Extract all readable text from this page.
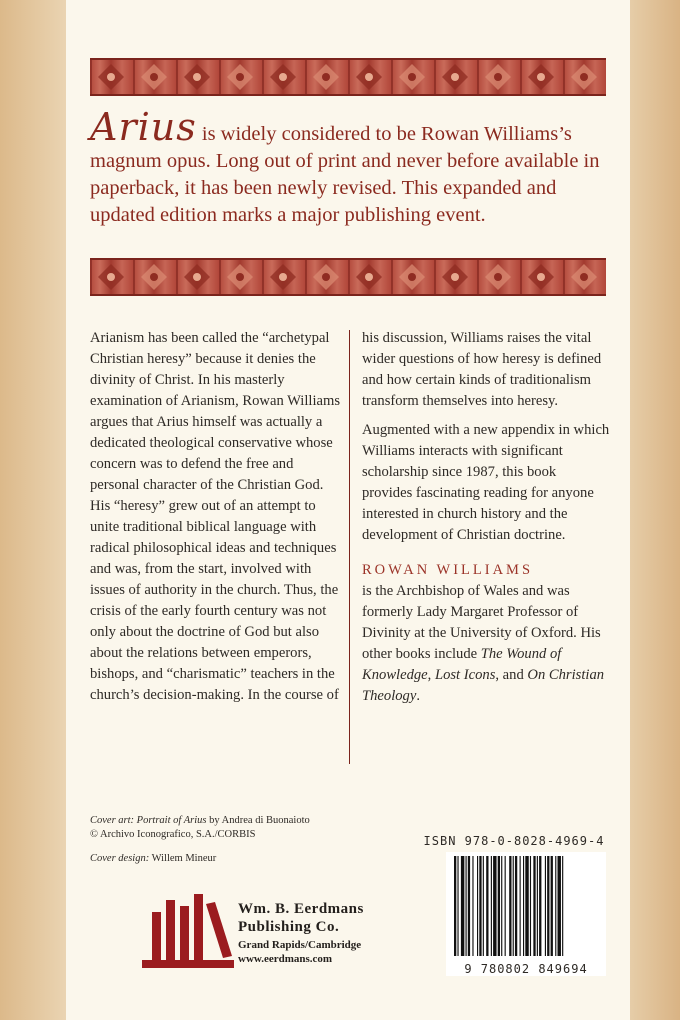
Arius is widely considered to be Rowan Williams’s magnum opus. Long out of print and never before available in paperback, it has been newly revised. This expanded and updated edition marks a major publishing event.

Arianism has been called the “archetypal Christian heresy” because it denies the divinity of Christ. In his masterly examination of Arianism, Rowan Williams argues that Arius himself was actually a dedicated theological conservative whose concern was to defend the free and personal character of the Christian God. His “heresy” grew out of an attempt to unite traditional biblical language with radical philosophical ideas and techniques and was, from the start, involved with issues of authority in the church. Thus, the crisis of the early fourth century was not only about the doctrine of God but also about the relations between emperors, bishops, and “charismatic” teachers in the church’s decision-making. In the course of

his discussion, Williams raises the vital wider questions of how heresy is defined and how certain kinds of traditionalism transform themselves into heresy.

Augmented with a new appendix in which Williams interacts with significant scholarship since 1987, this book provides fascinating reading for anyone interested in church history and the development of Christian doctrine.

ROWAN WILLIAMS

is the Archbishop of Wales and was formerly Lady Margaret Professor of Divinity at the University of Oxford. His other books include The Wound of Knowledge, Lost Icons, and On Christian Theology.

Cover art: Portrait of Arius by Andrea di Buonaioto
© Archivo Iconografico, S.A./CORBIS
Cover design: Willem Mineur
Wm. B. Eerdmans
Publishing Co.
Grand Rapids/Cambridge
www.eerdmans.com
ISBN 978-0-8028-4969-4
9 780802 849694
